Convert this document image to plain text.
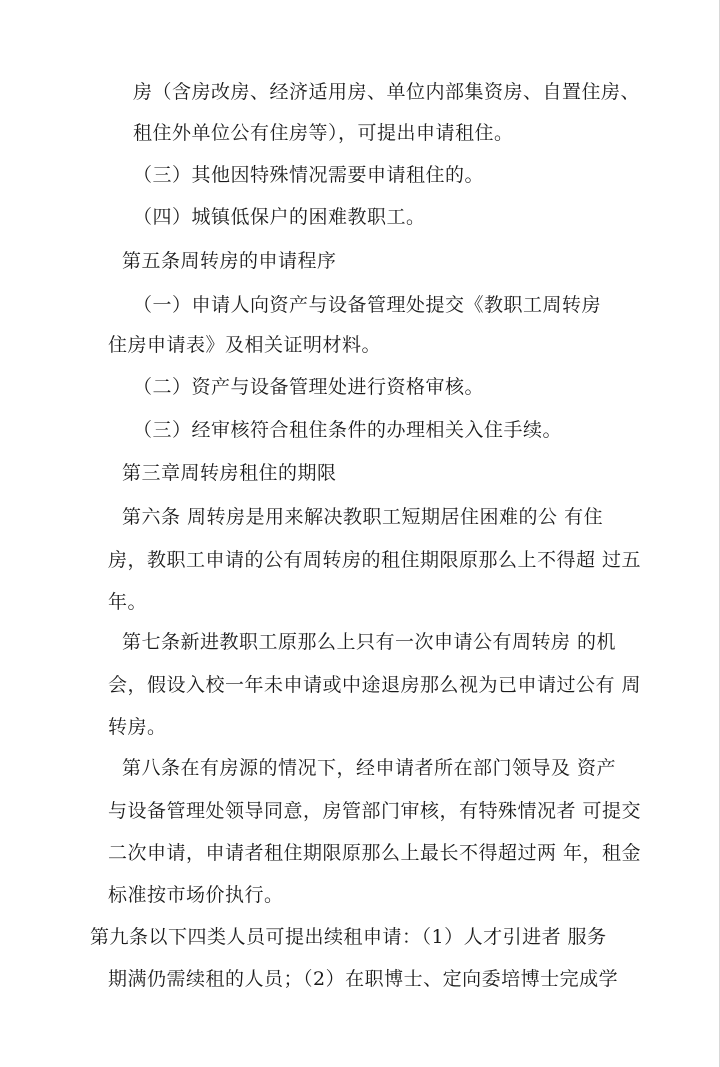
房（含房改房、经济适用房、单位内部集资房、自置住房、
租住外单位公有住房等），可提出申请租住。
（三）其他因特殊情况需要申请租住的。
（四）城镇低保户的困难教职工。
第五条周转房的申请程序
（一）申请人向资产与设备管理处提交《教职工周转房
住房申请表》及相关证明材料。
（二）资产与设备管理处进行资格审核。
（三）经审核符合租住条件的办理相关入住手续。
第三章周转房租住的期限
第六条 周转房是用来解决教职工短期居住困难的公 有住
房，教职工申请的公有周转房的租住期限原那么上不得超 过五
年。
第七条新进教职工原那么上只有一次申请公有周转房 的机
会，假设入校一年未申请或中途退房那么视为已申请过公有 周
转房。
第八条在有房源的情况下，经申请者所在部门领导及 资产
与设备管理处领导同意，房管部门审核，有特殊情况者 可提交
二次申请，申请者租住期限原那么上最长不得超过两 年，租金
标准按市场价执行。
第九条以下四类人员可提出续租申请：（1）人才引进者 服务
期满仍需续租的人员；（2）在职博士、定向委培博士完成学
